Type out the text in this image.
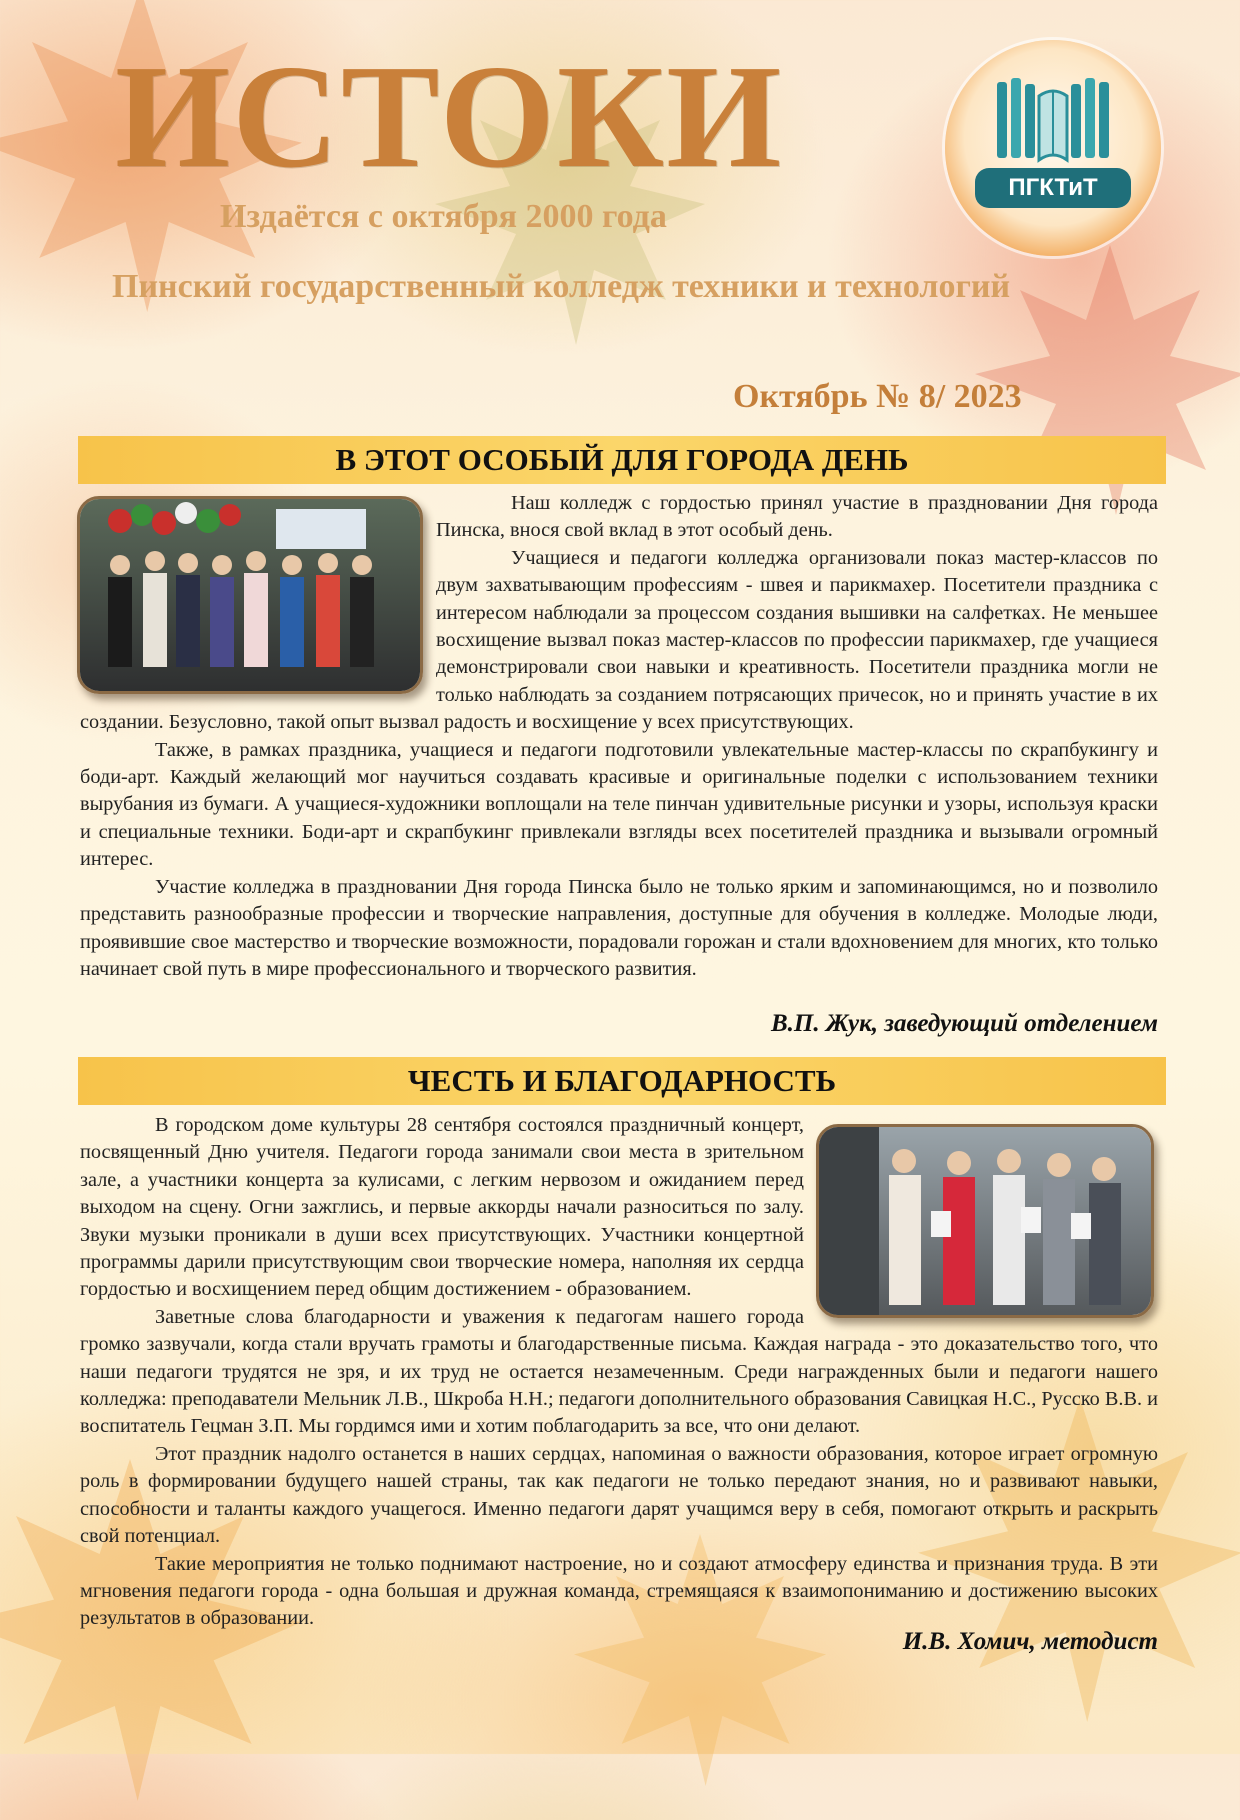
ИСТОКИ
Издаётся с октября 2000 года
Пинский государственный колледж техники и технологий
Октябрь № 8/ 2023
ПГКТиТ
В ЭТОТ ОСОБЫЙ ДЛЯ ГОРОДА ДЕНЬ

Наш колледж с гордостью принял участие в праздновании Дня города Пинска, внося свой вклад в этот особый день.

Учащиеся и педагоги колледжа организовали показ мастер-классов по двум захватывающим профессиям - швея и парикмахер. Посетители праздника с интересом наблюдали за процессом создания вышивки на салфетках. Не меньшее восхищение вызвал показ мастер-классов по профессии парикмахер, где учащиеся демонстрировали свои навыки и креативность. Посетители праздника могли не только наблюдать за созданием потрясающих причесок, но и принять участие в их создании. Безусловно, такой опыт вызвал радость и восхищение у всех присутствующих.

Также, в рамках праздника, учащиеся и педагоги подготовили увлекательные мастер-классы по скрапбукингу и боди-арт. Каждый желающий мог научиться создавать красивые и оригинальные поделки с использованием техники вырубания из бумаги. А учащиеся-художники воплощали на теле пинчан удивительные рисунки и узоры, используя краски и специальные техники. Боди-арт и скрапбукинг привлекали взгляды всех посетителей праздника и вызывали огромный интерес.

Участие колледжа в праздновании Дня города Пинска было не только ярким и запоминающимся, но и позволило представить разнообразные профессии и творческие направления, доступные для обучения в колледже. Молодые люди, проявившие свое мастерство и творческие возможности, порадовали горожан и стали вдохновением для многих, кто только начинает свой путь в мире профессионального и творческого развития.

В.П. Жук, заведующий отделением
ЧЕСТЬ И БЛАГОДАРНОСТЬ

В городском доме культуры 28 сентября состоялся праздничный концерт, посвященный Дню учителя. Педагоги города занимали свои места в зрительном зале, а участники концерта за кулисами, с легким нервозом и ожиданием перед выходом на сцену. Огни зажглись, и первые аккорды начали разноситься по залу. Звуки музыки проникали в души всех присутствующих. Участники концертной программы дарили присутствующим свои творческие номера, наполняя их сердца гордостью и восхищением перед общим достижением - образованием.

Заветные слова благодарности и уважения к педагогам нашего города громко зазвучали, когда стали вручать грамоты и благодарственные письма. Каждая награда - это доказательство того, что наши педагоги трудятся не зря, и их труд не остается незамеченным. Среди награжденных были и педагоги нашего колледжа: преподаватели Мельник Л.В., Шкроба Н.Н.; педагоги дополнительного образования Савицкая Н.С., Русско В.В. и воспитатель Гецман З.П. Мы гордимся ими и хотим поблагодарить за все, что они делают.

Этот праздник надолго останется в наших сердцах, напоминая о важности образования, которое играет огромную роль в формировании будущего нашей страны, так как педагоги не только передают знания, но и развивают навыки, способности и таланты каждого учащегося. Именно педагоги дарят учащимся веру в себя, помогают открыть и раскрыть свой потенциал.

Такие мероприятия не только поднимают настроение, но и создают атмосферу единства и признания труда. В эти мгновения педагоги города - одна большая и дружная команда, стремящаяся к взаимопониманию и достижению высоких результатов в образовании.

И.В. Хомич, методист
